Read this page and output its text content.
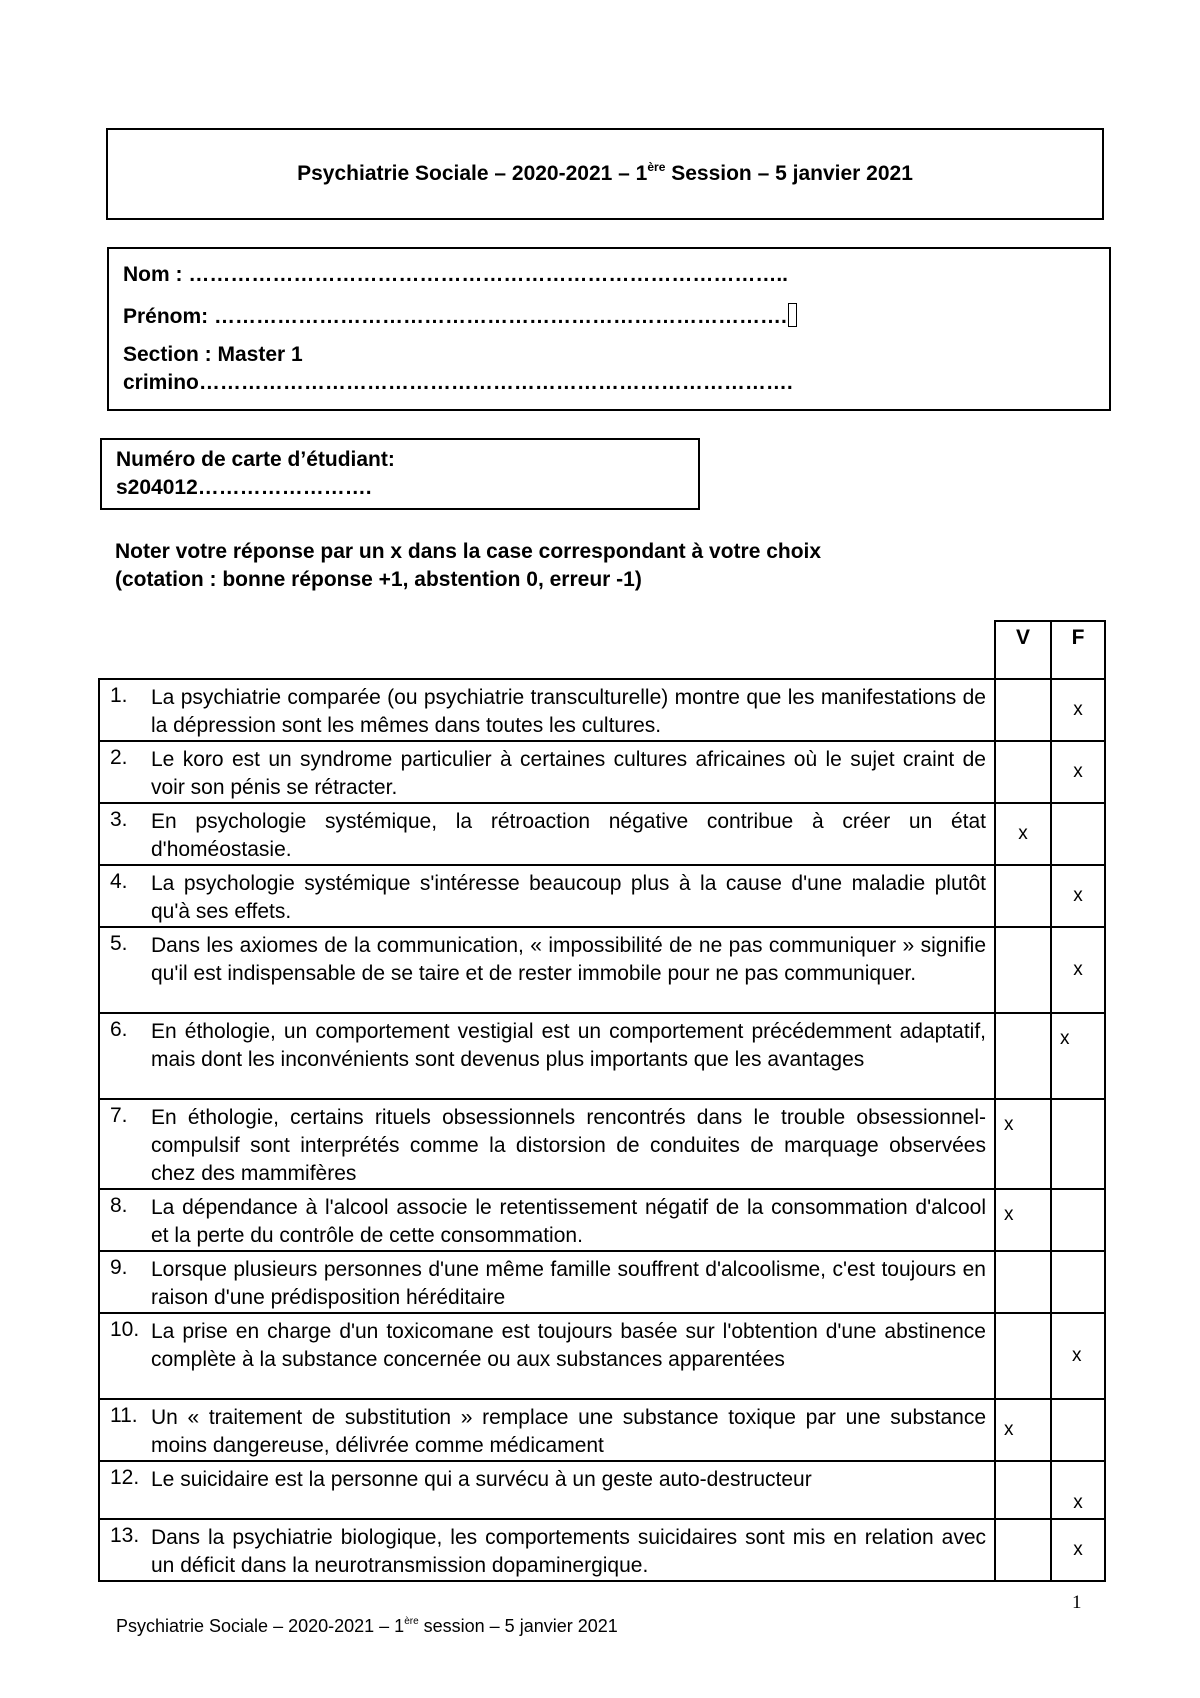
Psychiatrie Sociale – 2020-2021 – 1ère Session – 5 janvier 2021
Nom : …………………………………………………………………………..
Prénom: ……………………………………………………………………….
Section : Master 1
crimino………………………………………………………………………….
Numéro de carte d’étudiant:
s204012…………………….
Noter votre réponse par un x dans la case correspondant à votre choix
(cotation : bonne réponse +1, abstention 0, erreur -1)
		V	F
1.	La psychiatrie comparée (ou psychiatrie transculturelle) montre que les manifestations de la dépression sont les mêmes dans toutes les cultures.		x
2.	Le koro est un syndrome particulier à certaines cultures africaines où le sujet craint de voir son pénis se rétracter.		x
3.	En psychologie systémique, la rétroaction négative contribue à créer un état d'homéostasie.	x	
4.	La psychologie systémique s'intéresse beaucoup plus à la cause d'une maladie plutôt qu'à ses effets.		x
5.	Dans les axiomes de la communication, « impossibilité de ne pas communiquer » signifie qu'il est indispensable de se taire et de rester immobile pour ne pas communiquer.		x
6.	En éthologie, un comportement vestigial est un comportement précédemment adaptatif, mais dont les inconvénients sont devenus plus importants que les avantages		x
7.	En éthologie, certains rituels obsessionnels rencontrés dans le trouble obsessionnel-compulsif sont interprétés comme la distorsion de conduites de marquage observées chez des mammifères	x	
8.	La dépendance à l'alcool associe le retentissement négatif de la consommation d'alcool et la perte du contrôle de cette consommation.	x	
9.	Lorsque plusieurs personnes d'une même famille souffrent d'alcoolisme, c'est toujours en raison d'une prédisposition héréditaire		
10.	La prise en charge d'un toxicomane est toujours basée sur l'obtention d'une abstinence complète à la substance concernée ou aux substances apparentées		x
11.	Un « traitement de substitution » remplace une substance toxique par une substance moins dangereuse, délivrée comme médicament	x	
12.	Le suicidaire est la personne qui a survécu à un geste auto-destructeur		x
13.	Dans la psychiatrie biologique, les comportements suicidaires sont mis en relation avec un déficit dans la neurotransmission dopaminergique.		x
1
Psychiatrie Sociale – 2020-2021 – 1ère session – 5 janvier 2021
